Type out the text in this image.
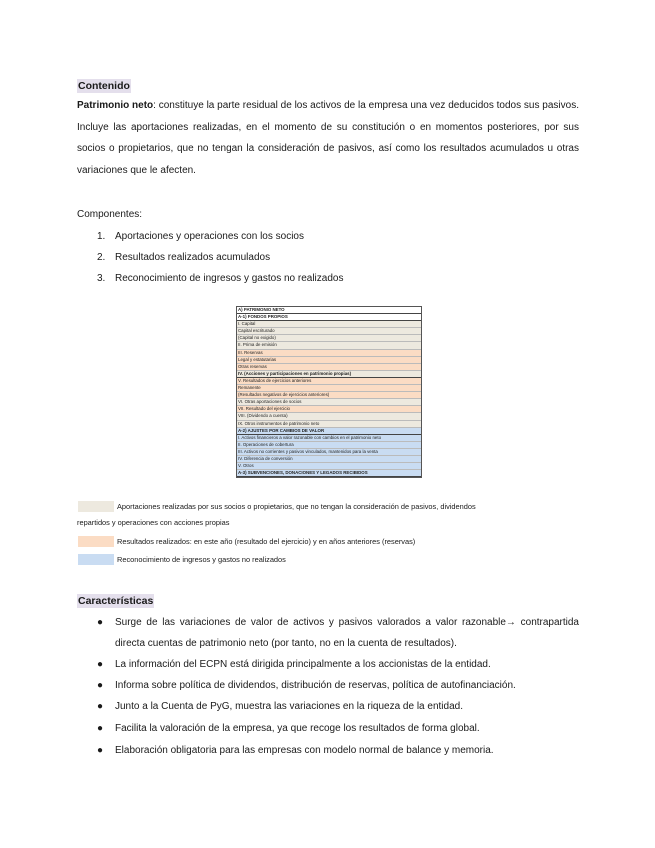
Contenido
Patrimonio neto: constituye la parte residual de los activos de la empresa una vez deducidos todos sus pasivos. Incluye las aportaciones realizadas, en el momento de su constitución o en momentos posteriores, por sus socios o propietarios, que no tengan la consideración de pasivos, así como los resultados acumulados u otras variaciones que le afecten.
Componentes:
1. Aportaciones y operaciones con los socios
2. Resultados realizados acumulados
3. Reconocimiento de ingresos y gastos no realizados
A) PATRIMONIO NETO
A-1) FONDOS PROPIOS
I. Capital
Capital escriturado
(Capital no exigido)
II. Prima de emisión
III. Reservas
Legal y estatutarias
Otras reservas
IV. (Acciones y participaciones en patrimonio propias)
V. Resultados de ejercicios anteriores
Remanente
(Resultados negativos de ejercicios anteriores)
VI. Otras aportaciones de socios
VII. Resultado del ejercicio
VIII. (Dividendo a cuenta)
IX. Otros instrumentos de patrimonio neto
A-2) AJUSTES POR CAMBIOS DE VALOR
I. Activos financieros a valor razonable con cambios en el patrimonio neto
II. Operaciones de cobertura
III. Activos no corrientes y pasivos vinculados, mantenidos para la venta
IV. Diferencia de conversión
V. Otros
A-3) SUBVENCIONES, DONACIONES Y LEGADOS RECIBIDOS
Aportaciones realizadas por sus socios o propietarios, que no tengan la consideración de pasivos, dividendos
repartidos y operaciones con acciones propias
Resultados realizados: en este año (resultado del ejercicio) y en años anteriores (reservas)
Reconocimiento de ingresos y gastos no realizados
Características
● Surge de las variaciones de valor de activos y pasivos valorados a valor razonable→ contrapartida directa cuentas de patrimonio neto (por tanto, no en la cuenta de resultados).
● La información del ECPN está dirigida principalmente a los accionistas de la entidad.
● Informa sobre política de dividendos, distribución de reservas, política de autofinanciación.
● Junto a la Cuenta de PyG, muestra las variaciones en la riqueza de la entidad.
● Facilita la valoración de la empresa, ya que recoge los resultados de forma global.
● Elaboración obligatoria para las empresas con modelo normal de balance y memoria.
